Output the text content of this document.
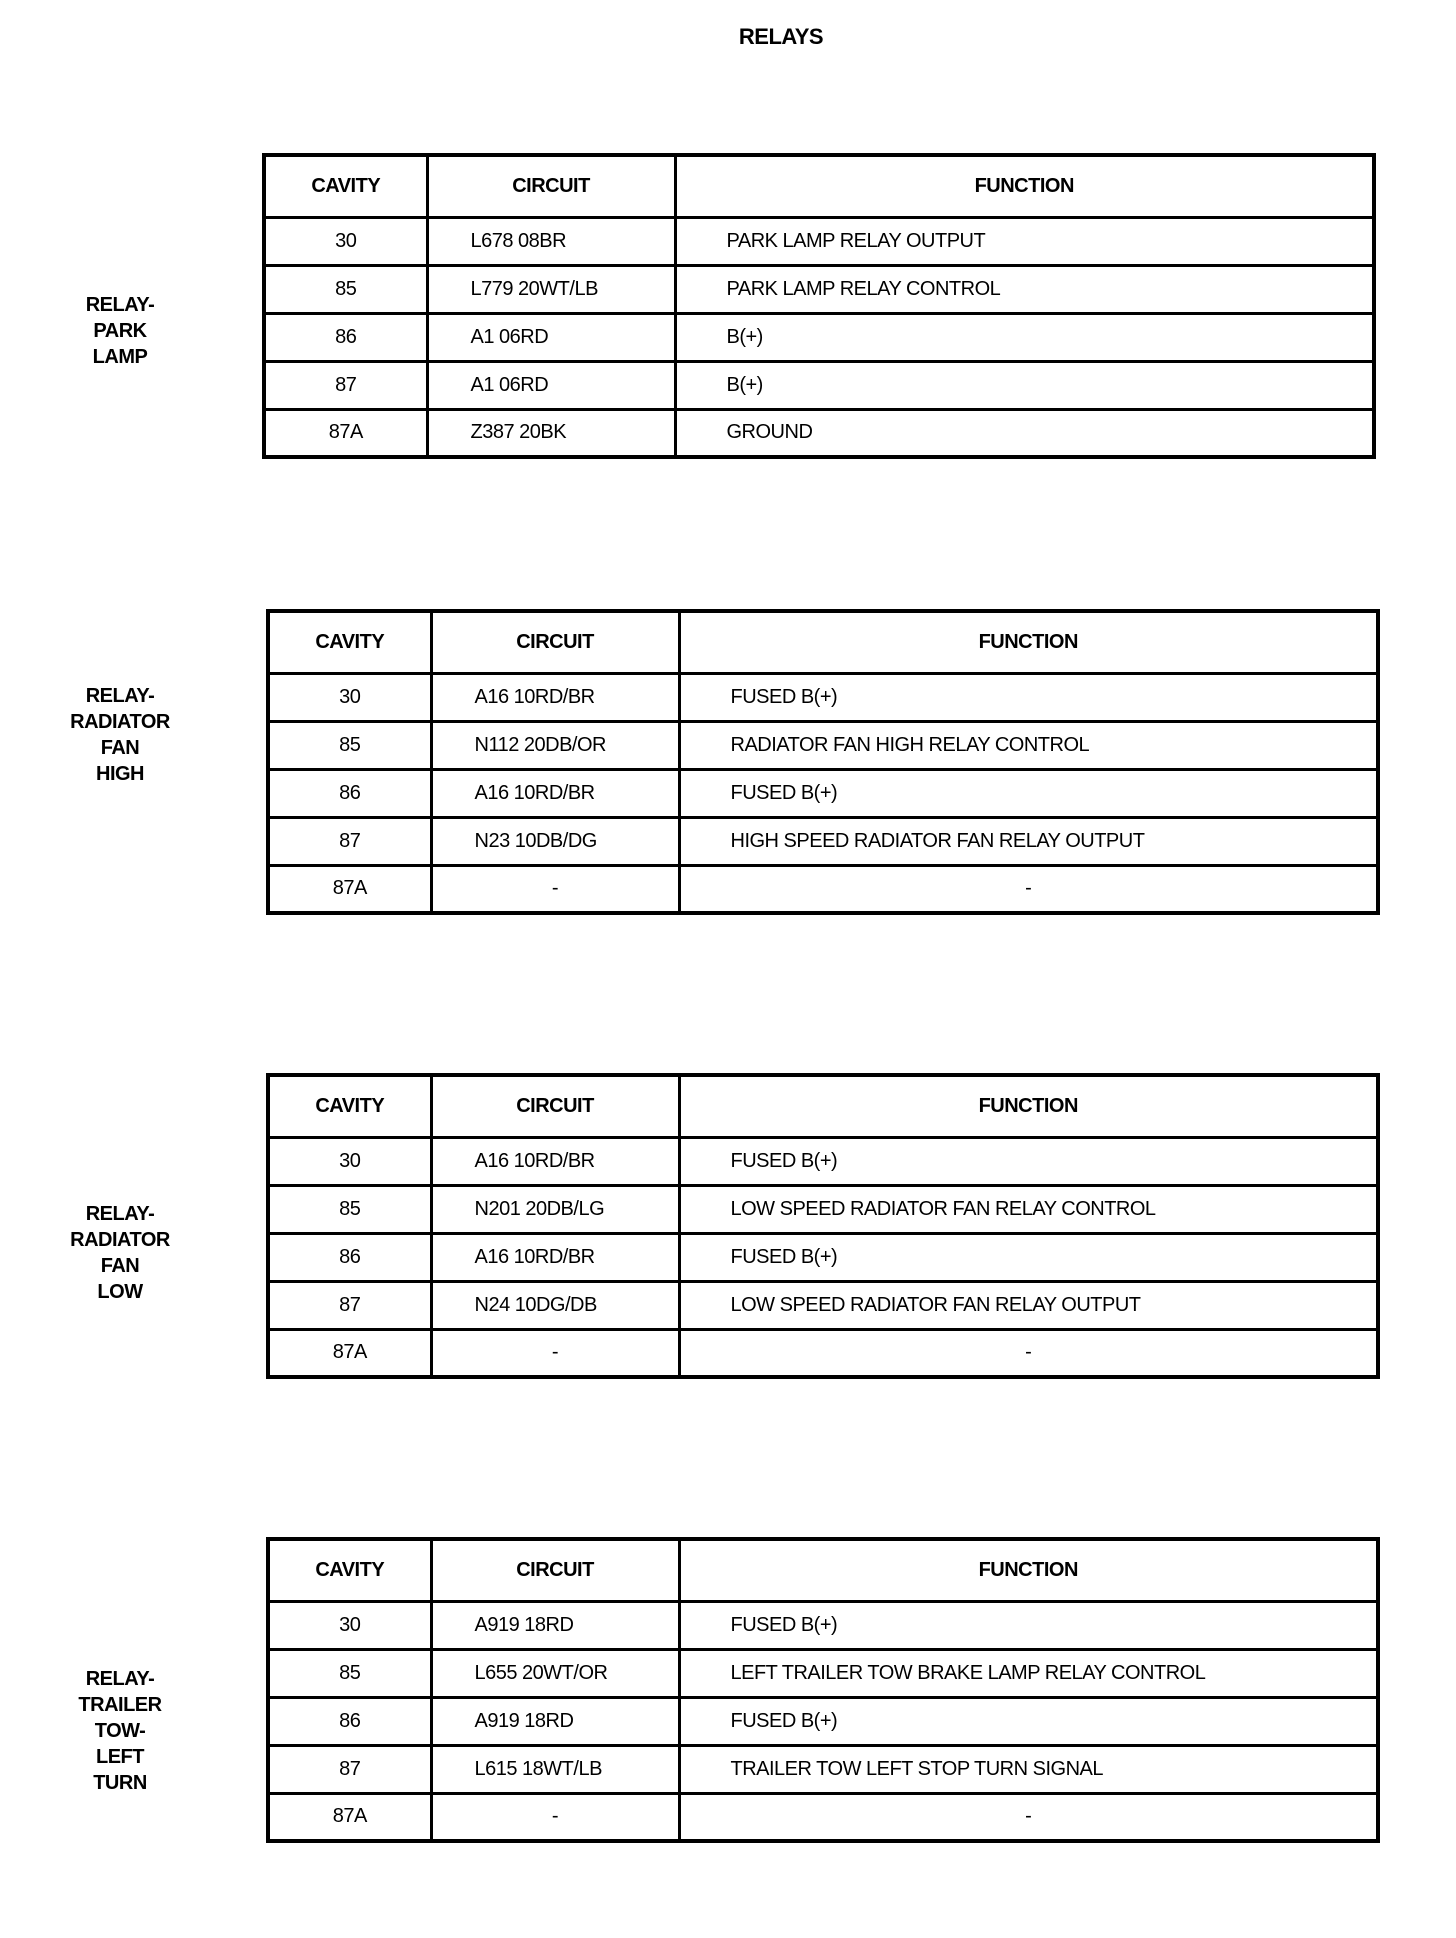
RELAYS
RELAY-
PARK
LAMP
CAVITY	CIRCUIT	FUNCTION
30	L678 08BR	PARK LAMP RELAY OUTPUT
85	L779 20WT/LB	PARK LAMP RELAY CONTROL
86	A1 06RD	B(+)
87	A1 06RD	B(+)
87A	Z387 20BK	GROUND
RELAY-
RADIATOR
FAN
HIGH
CAVITY	CIRCUIT	FUNCTION
30	A16 10RD/BR	FUSED B(+)
85	N112 20DB/OR	RADIATOR FAN HIGH RELAY CONTROL
86	A16 10RD/BR	FUSED B(+)
87	N23 10DB/DG	HIGH SPEED RADIATOR FAN RELAY OUTPUT
87A	-	-
RELAY-
RADIATOR
FAN
LOW
CAVITY	CIRCUIT	FUNCTION
30	A16 10RD/BR	FUSED B(+)
85	N201 20DB/LG	LOW SPEED RADIATOR FAN RELAY CONTROL
86	A16 10RD/BR	FUSED B(+)
87	N24 10DG/DB	LOW SPEED RADIATOR FAN RELAY OUTPUT
87A	-	-
RELAY-
TRAILER
TOW-
LEFT
TURN
CAVITY	CIRCUIT	FUNCTION
30	A919 18RD	FUSED B(+)
85	L655 20WT/OR	LEFT TRAILER TOW BRAKE LAMP RELAY CONTROL
86	A919 18RD	FUSED B(+)
87	L615 18WT/LB	TRAILER TOW LEFT STOP TURN SIGNAL
87A	-	-
